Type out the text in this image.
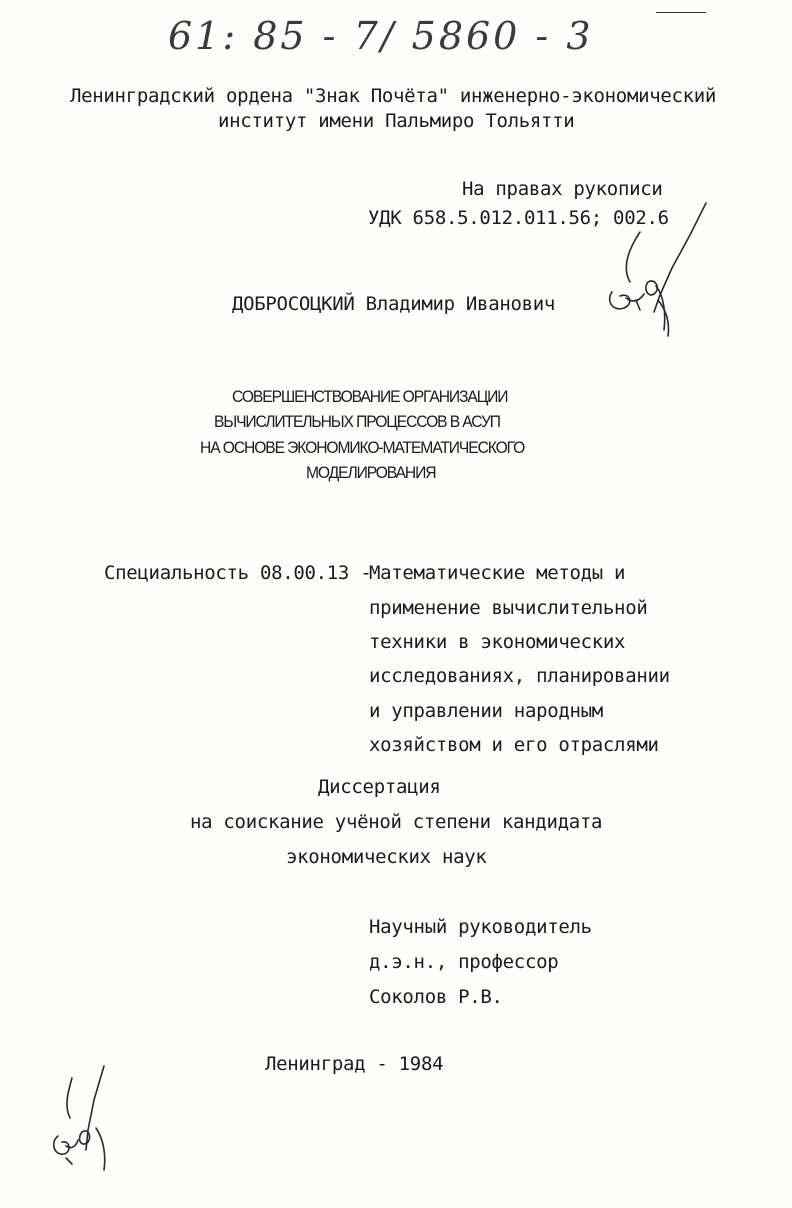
61: 85 - 7/ 5860 - 3
Ленинградский ордена "Знак Почёта" инженерно-экономический
институт имени Пальмиро Тольятти
На правах рукописи
УДК 658.5.012.011.56; 002.6
ДОБРОСОЦКИЙ Владимир Иванович
СОВЕРШЕНСТВОВАНИЕ ОРГАНИЗАЦИИ
ВЫЧИСЛИТЕЛЬНЫХ ПРОЦЕССОВ В АСУП
НА ОСНОВЕ ЭКОНОМИКО-МАТЕМАТИЧЕСКОГО
МОДЕЛИРОВАНИЯ
Специальность 08.00.13 -
Математические методы и
применение вычислительной
техники в экономических
исследованиях, планировании
и управлении народным
хозяйством и его отраслями
Диссертация
на соискание учёной степени кандидата
экономических наук
Научный руководитель
д.э.н., профессор
Соколов Р.В.
Ленинград - 1984
